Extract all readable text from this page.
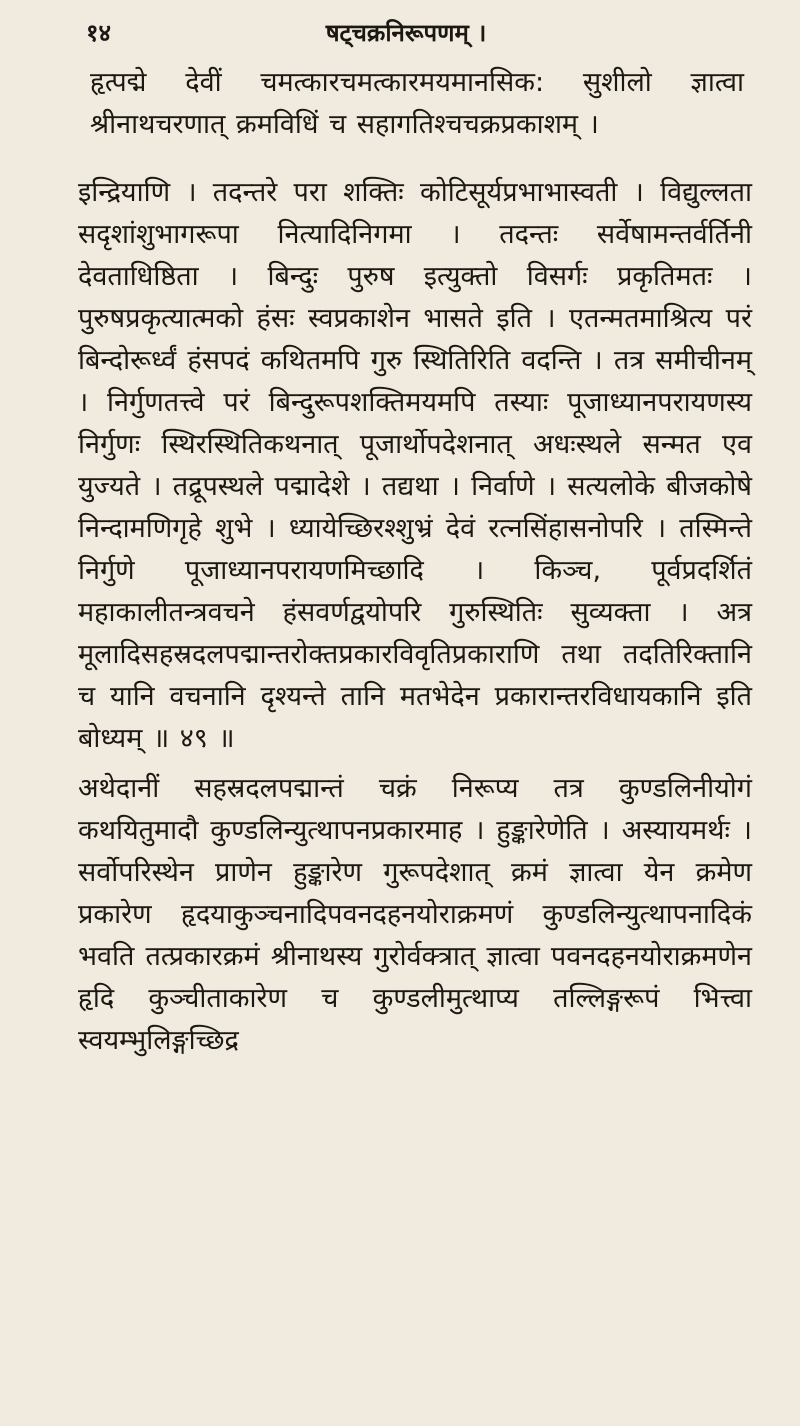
१४	षट्चक्रनिरूपणम् ।

हृत्पद्मे देवीं चमत्कारचमत्कारमयमानसिक: सुशीलो ज्ञात्वा श्रीनाथचरणात् क्रमविधिं च सहागतिश्चचक्रप्रकाशम् ।

इन्द्रियाणि । तदन्तरे परा शक्तिः कोटिसूर्यप्रभाभास्वती । विद्युल्लता सदृशांशुभागरूपा नित्यादिनिगमा । तदन्तः सर्वेषामन्तर्वर्तिनी देवताधिष्ठिता । बिन्दुः पुरुष इत्युक्तो विसर्गः प्रकृतिमतः । पुरुषप्रकृत्यात्मको हंसः स्वप्रकाशेन भासते इति । एतन्मतमाश्रित्य परं बिन्दोरूर्ध्वं हंसपदं कथितमपि गुरु स्थितिरिति वदन्ति । तत्र समीचीनम् । निर्गुणतत्त्वे परं बिन्दुरूपशक्तिमयमपि तस्याः पूजाध्यानपरायणस्य निर्गुणः स्थिरस्थितिकथनात् पूजार्थोपदेशनात् अधःस्थले सन्मत एव युज्यते । तद्रूपस्थले पद्मादेशे । तद्यथा । निर्वाणे । सत्यलोके बीजकोषे निन्दामणिगृहे शुभे । ध्यायेच्छिरश्शुभ्रं देवं रत्नसिंहासनोपरि । तस्मिन्ते निर्गुणे पूजाध्यानपरायणमिच्छादि । किञ्च, पूर्वप्रदर्शितं महाकालीतन्त्रवचने हंसवर्णद्वयोपरि गुरुस्थितिः सुव्यक्ता । अत्र मूलादिसहस्रदलपद्मान्तरोक्तप्रकारविवृतिप्रकाराणि तथा तदतिरिक्तानि च यानि वचनानि दृश्यन्ते तानि मतभेदेन प्रकारान्तरविधायकानि इति बोध्यम् ॥ ४९ ॥

अथेदानीं सहस्रदलपद्मान्तं चक्रं निरूप्य तत्र कुण्डलिनीयोगं कथयितुमादौ कुण्डलिन्युत्थापनप्रकारमाह । हुङ्कारेणेति । अस्यायमर्थः । सर्वोपरिस्थेन प्राणेन हुङ्कारेण गुरूपदेशात् क्रमं ज्ञात्वा येन क्रमेण प्रकारेण हृदयाकुञ्चनादिपवनदहनयोराक्रमणं कुण्डलिन्युत्थापनादिकं भवति तत्प्रकारक्रमं श्रीनाथस्य गुरोर्वक्त्रात् ज्ञात्वा पवनदहनयोराक्रमणेन हृदि कुञ्चीताकारेण च कुण्डलीमुत्थाप्य तल्लिङ्गरूपं भित्त्वा स्वयम्भुलिङ्गच्छिद्र
